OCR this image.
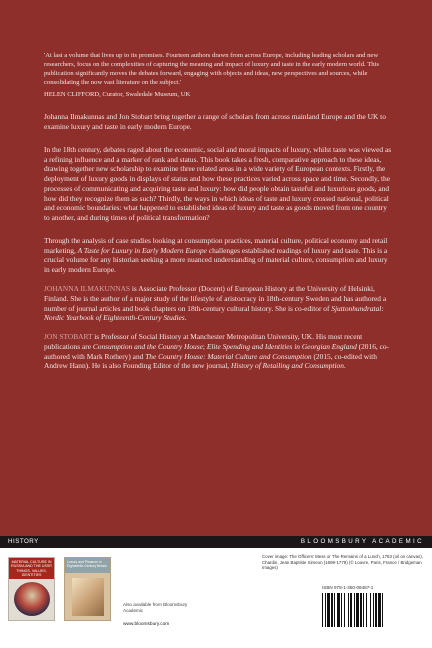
'At last a volume that lives up to its promises. Fourteen authors drawn from across Europe, including leading scholars and new researchers, focus on the complexities of capturing the meaning and impact of luxury and taste in the early modern world. This publication significantly moves the debates forward, engaging with objects and ideas, new perspectives and sources, while consolidating the now vast literature on the subject.'

HELEN CLIFFORD, Curator, Swaledale Museum, UK

Johanna Ilmakunnas and Jon Stobart bring together a range of scholars from across mainland Europe and the UK to examine luxury and taste in early modern Europe.

In the 18th century, debates raged about the economic, social and moral impacts of luxury, whilst taste was viewed as a refining influence and a marker of rank and status. This book takes a fresh, comparative approach to these ideas, drawing together new scholarship to examine three related areas in a wide variety of European contexts. Firstly, the deployment of luxury goods in displays of status and how these practices varied across space and time. Secondly, the processes of communicating and acquiring taste and luxury: how did people obtain tasteful and luxurious goods, and how did they recognize them as such? Thirdly, the ways in which ideas of taste and luxury crossed national, political and economic boundaries: what happened to established ideas of luxury and taste as goods moved from one country to another, and during times of political transformation?

Through the analysis of case studies looking at consumption practices, material culture, political economy and retail marketing, A Taste for Luxury in Early Modern Europe challenges established readings of luxury and taste. This is a crucial volume for any historian seeking a more nuanced understanding of material culture, consumption and luxury in early modern Europe.

JOHANNA ILMAKUNNAS is Associate Professor (Docent) of European History at the University of Helsinki, Finland. She is the author of a major study of the lifestyle of aristocracy in 18th-century Sweden and has authored a number of journal articles and book chapters on 18th-century cultural history. She is co-editor of Sjuttonhundratal: Nordic Yearbook of Eighteenth-Century Studies.

JON STOBART is Professor of Social History at Manchester Metropolitan University, UK. His most recent publications are Consumption and the Country House; Elite Spending and Identities in Georgian England (2016, co-authored with Mark Rothery) and The Country House: Material Culture and Consumption (2015, co-edited with Andrew Hann). He is also Founding Editor of the new journal, History of Retailing and Consumption.

HISTORY	BLOOMSBURY ACADEMIC
MATERIAL CULTURE IN RUSSIA AND THE USSR THINGS, VALUES, IDENTITIES
Luxury and Pleasure in Eighteenth-Century Britain
Also available from Bloomsbury Academic
www.bloomsbury.com
Cover image: The Officers' Mess or The Remains of a Lunch, 1763 (oil on canvas), Chardin, Jean Baptiste Simeon (1699-1779) (© Louvre, Paris, France / Bridgeman Images)
ISBN 978-1-350-09487-1
